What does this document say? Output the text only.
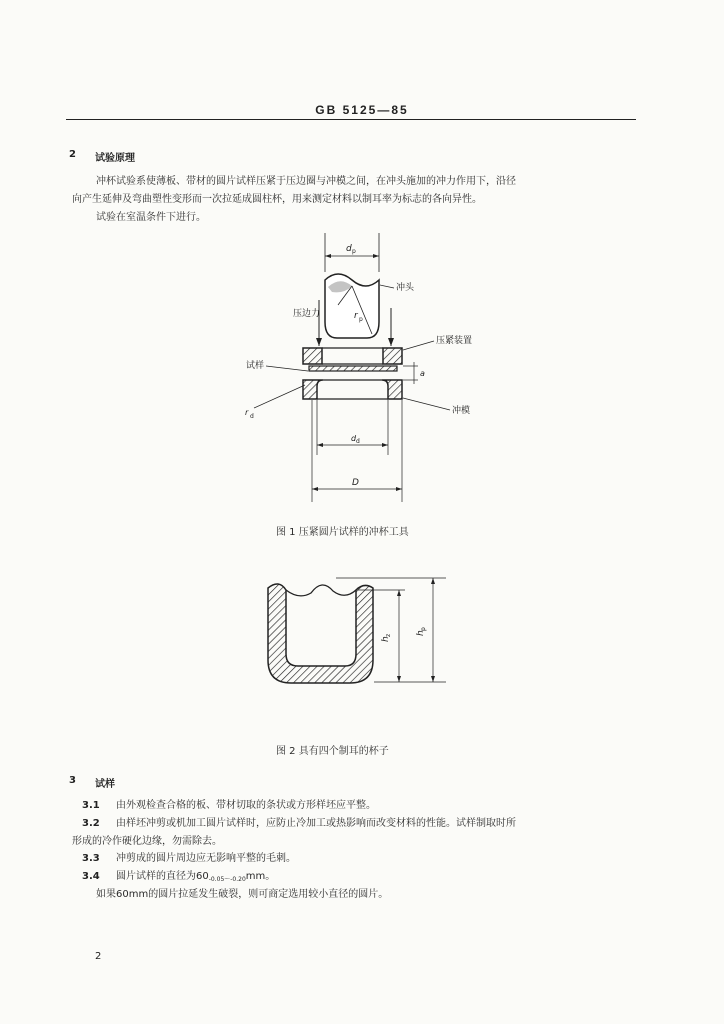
GB 5125—85
2 试验原理
冲杯试验系使薄板、带材的圆片试样压紧于压边圈与冲模之间，在冲头施加的冲力作用下，沿径
向产生延伸及弯曲塑性变形而一次拉延成圆柱杯，用来测定材料以制耳率为标志的各向异性。
试验在室温条件下进行。
d p
冲头
压边力	r p
压紧装置
试样
a
r d
冲模
d d
D
图 1 压紧圆片试样的冲杯工具
h
z	h
p
图 2 具有四个制耳的杯子
3 试样
3.1 由外观检查合格的板、带材切取的条状或方形样坯应平整。
3.2 由样坯冲剪或机加工圆片试样时，应防止冷加工或热影响而改变材料的性能。试样制取时所
形成的冷作硬化边缘，勿需除去。
3.3 冲剪成的圆片周边应无影响平整的毛刺。
3.4 圆片试样的直径为$60_{-0.05\sim-0.20}mm$。
如果60mm的圆片拉延发生破裂，则可商定选用较小直径的圆片。
2
